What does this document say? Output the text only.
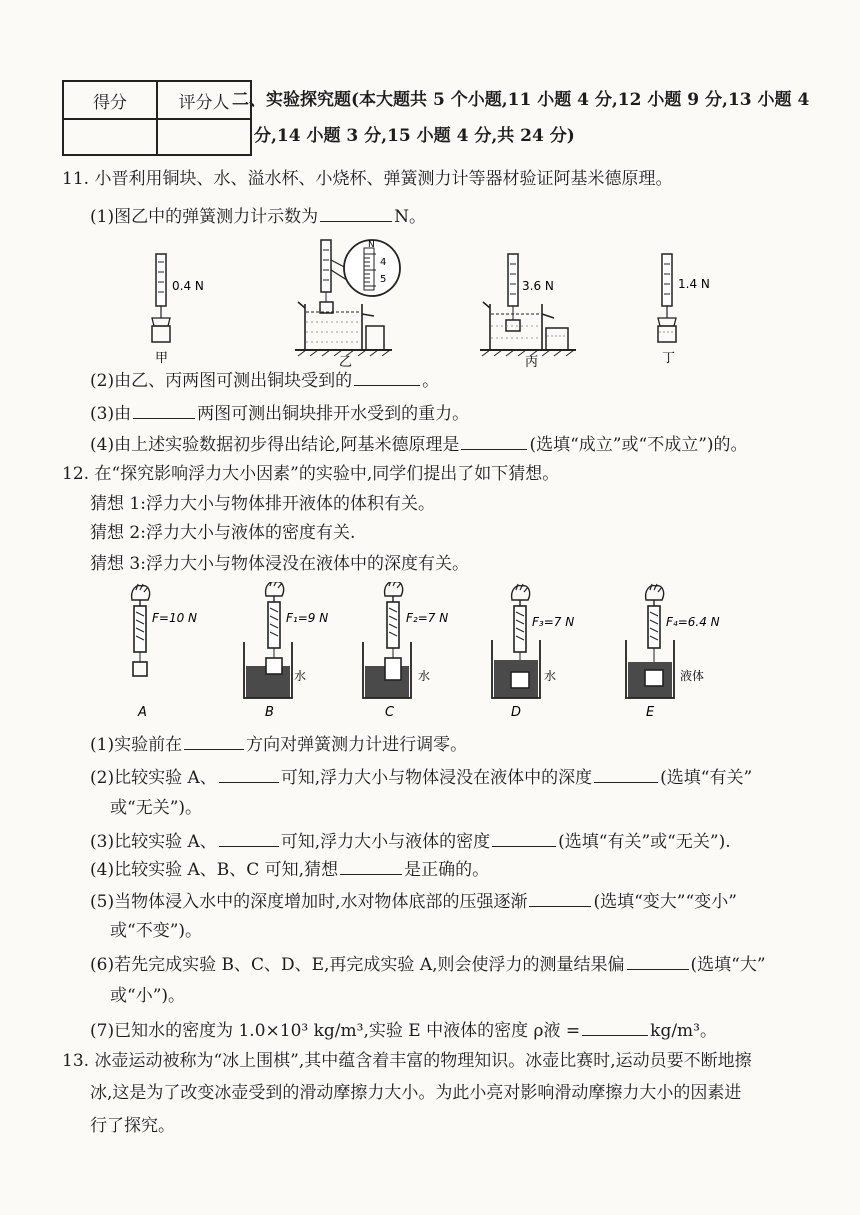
得分	评分人
	二、实验探究题(本大题共 5 个小题,11 小题 4 分,12 小题 9 分,13 小题 4
分,14 小题 3 分,15 小题 4 分,共 24 分)
11. 小晋利用铜块、水、溢水杯、小烧杯、弹簧测力计等器材验证阿基米德原理。
(1)图乙中的弹簧测力计示数为	N。
0.4 N
甲
N
4
5
乙
3.6 N
丙
1.4 N
丁
(2)由乙、丙两图可测出铜块受到的	。
(3)由	两图可测出铜块排开水受到的重力。
(4)由上述实验数据初步得出结论,阿基米德原理是	(选填“成立”或“不成立”)的。
12. 在“探究影响浮力大小因素”的实验中,同学们提出了如下猜想。
猜想 1:浮力大小与物体排开液体的体积有关。
猜想 2:浮力大小与液体的密度有关.
猜想 3:浮力大小与物体浸没在液体中的深度有关。
F=10 N
A
水
F₁=9 N
B
水
F₂=7 N
C
水
F₃=7 N
D
液体
F₄=6.4 N
E
(1)实验前在	方向对弹簧测力计进行调零。
(2)比较实验 A、	可知,浮力大小与物体浸没在液体中的深度	(选填“有关”
或“无关”)。
(3)比较实验 A、	可知,浮力大小与液体的密度	(选填“有关”或“无关”).
(4)比较实验 A、B、C 可知,猜想	是正确的。
(5)当物体浸入水中的深度增加时,水对物体底部的压强逐渐	(选填“变大”“变小”
或“不变”)。
(6)若先完成实验 B、C、D、E,再完成实验 A,则会使浮力的测量结果偏	(选填“大”
或“小”)。
(7)已知水的密度为 1.0×10³ kg/m³,实验 E 中液体的密度 ρ液 =	kg/m³。
13. 冰壶运动被称为“冰上围棋”,其中蕴含着丰富的物理知识。冰壶比赛时,运动员要不断地擦
冰,这是为了改变冰壶受到的滑动摩擦力大小。为此小亮对影响滑动摩擦力大小的因素进
行了探究。
